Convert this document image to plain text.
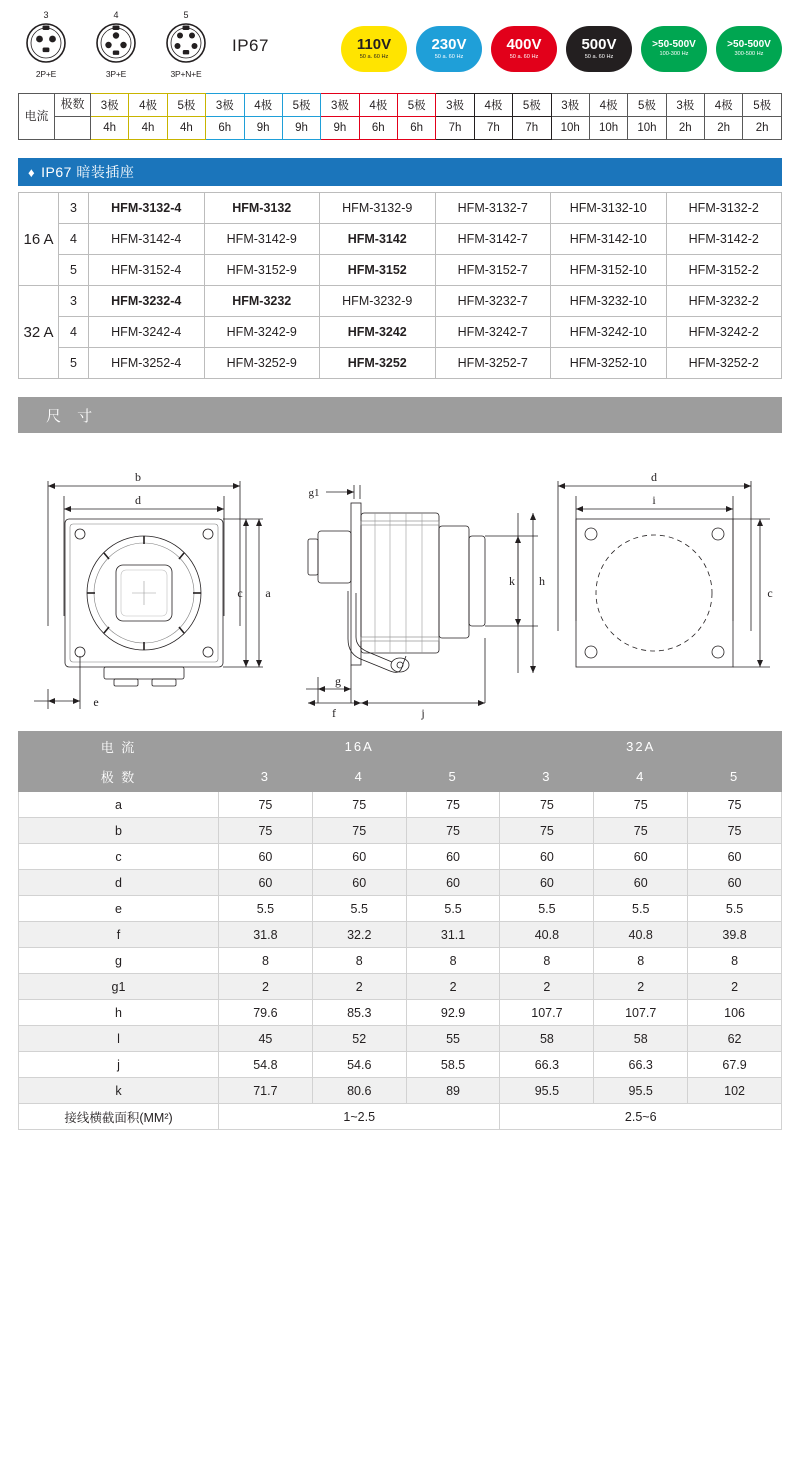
3
2P+E
4
3P+E
5
3P+N+E
IP67	110V
50 a. 60 Hz
230V
50 a. 60 Hz
400V
50 a. 60 Hz
500V
50 a. 60 Hz
>50-500V
100-300 Hz
>50-500V
300-500 Hz
电流	极数	3极	4极	5极	3极	4极	5极	3极	4极	5极	3极	4极	5极	3极	4极	5极	3极	4极	5极
		4h	4h	4h	6h	9h	9h	9h	6h	6h	7h	7h	7h	10h	10h	10h	2h	2h	2h
♦ IP67 暗装插座
16 A	3	HFM-3132-4	HFM-3132	HFM-3132-9	HFM-3132-7	HFM-3132-10	HFM-3132-2
	4	HFM-3142-4	HFM-3142-9	HFM-3142	HFM-3142-7	HFM-3142-10	HFM-3142-2
	5	HFM-3152-4	HFM-3152-9	HFM-3152	HFM-3152-7	HFM-3152-10	HFM-3152-2
32 A	3	HFM-3232-4	HFM-3232	HFM-3232-9	HFM-3232-7	HFM-3232-10	HFM-3232-2
	4	HFM-3242-4	HFM-3242-9	HFM-3242	HFM-3242-7	HFM-3242-10	HFM-3242-2
	5	HFM-3252-4	HFM-3252-9	HFM-3252	HFM-3252-7	HFM-3252-10	HFM-3252-2
尺 寸
b
d
c a
e
g1
k h
g
f	j
d
i
c
电 流	16A			32A		
极 数	3	4	5	3	4	5
a	75	75	75	75	75	75
b	75	75	75	75	75	75
c	60	60	60	60	60	60
d	60	60	60	60	60	60
e	5.5	5.5	5.5	5.5	5.5	5.5
f	31.8	32.2	31.1	40.8	40.8	39.8
g	8	8	8	8	8	8
g1	2	2	2	2	2	2
h	79.6	85.3	92.9	107.7	107.7	106
l	45	52	55	58	58	62
j	54.8	54.6	58.5	66.3	66.3	67.9
k	71.7	80.6	89	95.5	95.5	102
接线横截面积(MM²)	1~2.5			2.5~6		
